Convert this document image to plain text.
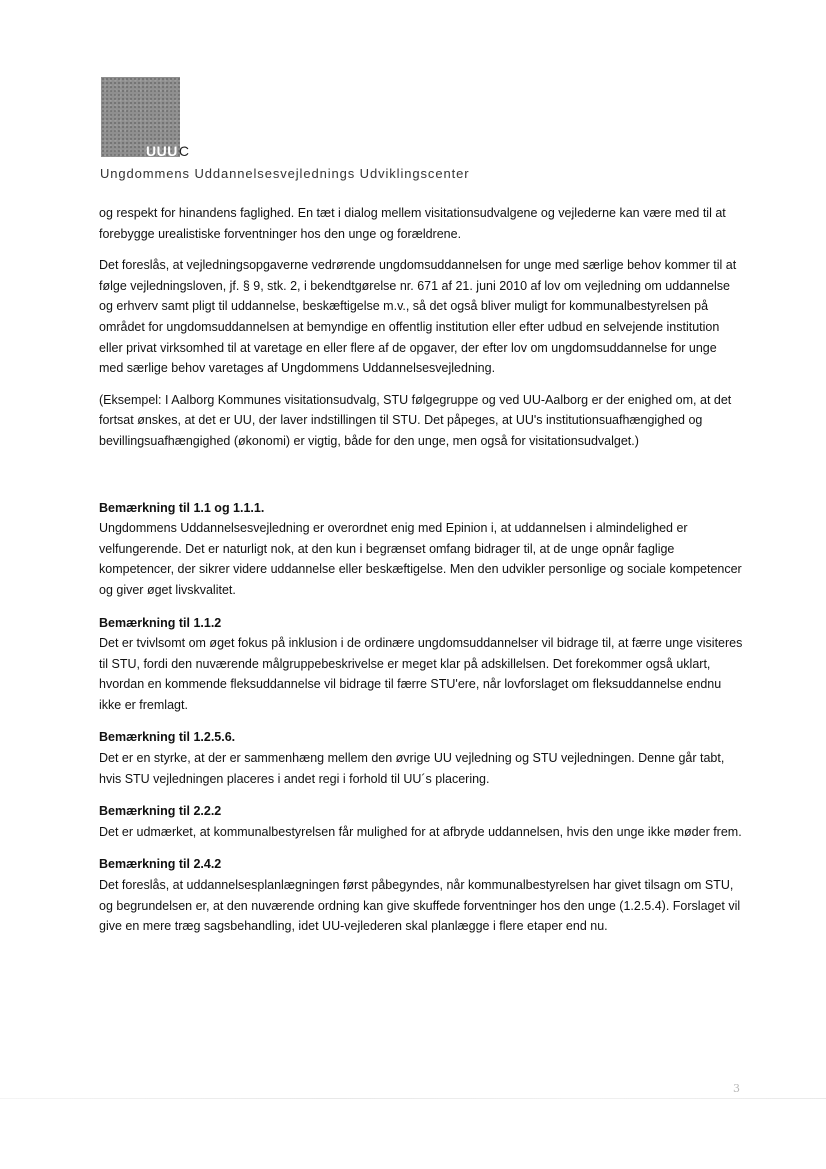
UUUC
Ungdommens Uddannelsesvejlednings Udviklingscenter

og respekt for hinandens faglighed. En tæt i dialog mellem visitationsudvalgene og vejlederne kan være med til at forebygge urealistiske forventninger hos den unge og forældrene.

Det foreslås, at vejledningsopgaverne vedrørende ungdomsuddannelsen for unge med særlige behov kommer til at følge vejledningsloven, jf. § 9, stk. 2, i bekendtgørelse nr. 671 af 21. juni 2010 af lov om vejledning om uddannelse og erhverv samt pligt til uddannelse, beskæftigelse m.v., så det også bliver muligt for kommunalbestyrelsen på området for ungdomsuddannelsen at bemyndige en offentlig institution eller efter udbud en selvejende institution eller privat virksomhed til at varetage en eller flere af de opgaver, der efter lov om ungdomsuddannelse for unge med særlige behov varetages af Ungdommens Uddannelsesvejledning.

(Eksempel: I Aalborg Kommunes visitationsudvalg, STU følgegruppe og ved UU-Aalborg er der enighed om, at det fortsat ønskes, at det er UU, der laver indstillingen til STU. Det påpeges, at UU's institutionsuafhængighed og bevillingsuafhængighed (økonomi) er vigtig, både for den unge, men også for visitationsudvalget.)

Bemærkning til 1.1 og 1.1.1.

Ungdommens Uddannelsesvejledning er overordnet enig med Epinion i, at uddannelsen i almindelighed er velfungerende. Det er naturligt nok, at den kun i begrænset omfang bidrager til, at de unge opnår faglige kompetencer, der sikrer videre uddannelse eller beskæftigelse. Men den udvikler personlige og sociale kompetencer og giver øget livskvalitet.

Bemærkning til 1.1.2

Det er tvivlsomt om øget fokus på inklusion i de ordinære ungdomsuddannelser vil bidrage til, at færre unge visiteres til STU, fordi den nuværende målgruppebeskrivelse er meget klar på adskillelsen. Det forekommer også uklart, hvordan en kommende fleksuddannelse vil bidrage til færre STU'ere, når lovforslaget om fleksuddannelse endnu ikke er fremlagt.

Bemærkning til 1.2.5.6.

Det er en styrke, at der er sammenhæng mellem den øvrige UU vejledning og STU vejledningen. Denne går tabt, hvis STU vejledningen placeres i andet regi i forhold til UU´s placering.

Bemærkning til 2.2.2

Det er udmærket, at kommunalbestyrelsen får mulighed for at afbryde uddannelsen, hvis den unge ikke møder frem.

Bemærkning til 2.4.2

Det foreslås, at uddannelsesplanlægningen først påbegyndes, når kommunalbestyrelsen har givet tilsagn om STU, og begrundelsen er, at den nuværende ordning kan give skuffede forventninger hos den unge (1.2.5.4). Forslaget vil give en mere træg sagsbehandling, idet UU-vejlederen skal planlægge i flere etaper end nu.

3
